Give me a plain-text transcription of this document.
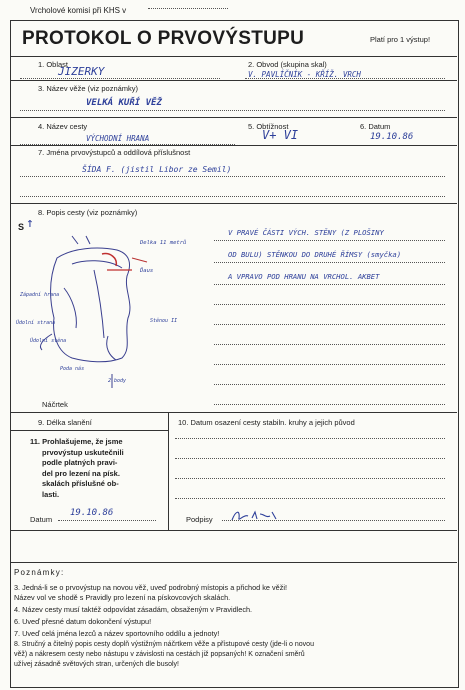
Vrcholové komisi při KHS v
PROTOKOL O PRVOVÝSTUPU	Platí pro 1 výstup!
1. Oblast
JIZERKY
2. Obvod (skupina skal)
V. PAVLÍČNÍK - KŘÍŽ. VRCH
3. Název věže (viz poznámky)
VELKÁ KUŘÍ VĚŽ
4. Název cesty
VÝCHODNÍ HRANA
5. Obtížnost
V+ VI
6. Datum
19.10.86
7. Jména prvovýstupců a oddílová příslušnost
ŠÍDA F. (jistil Libor ze Semil)
8. Popis cesty (viz poznámky)
S ↑
Delka 11 metrů
Ďaus
Západní hrana
Údolní strana
Údolní stěna
Poda nás
2 body
Stěnou II
Náčrtek
V PRAVÉ ČÁSTI VÝCH. STĚNY (Z PLOŠINY
OD BULU) STĚNKOU DO DRUHÉ ŘÍMSY (smyčka)
A VPRAVO POD HRANU NA VRCHOL. AKBET
9. Délka slanění	10. Datum osazení cesty stabiln. kruhy a jejich původ
11. Prohlašujeme, že jsme
prvovýstup uskutečnili
podle platných pravi-
del pro lezení na písk.
skalách příslušné ob-
lasti.
Datum
19.10.86
Podpisy
Poznámky:
3. Jedná-li se o prvovýstup na novou věž, uveď podrobný místopis a přichod ke věži!
Název vol ve shodě s Pravidly pro lezení na pískovcových skalách.
4. Název cesty musí taktéž odpovídat zásadám, obsaženým v Pravidlech.
6. Uveď přesné datum dokončení výstupu!
7. Uveď celá jména lezců a název sportovního oddílu a jednoty!
8. Stručný a čitelný popis cesty doplň výstižným náčrtkem věže a přístupové cesty (jde-li o novou
věž) a nákresem cesty nebo nástupu v závislosti na cestách již popsaných! K označení směrů
užívej zásadně světových stran, určených dle busoly!
